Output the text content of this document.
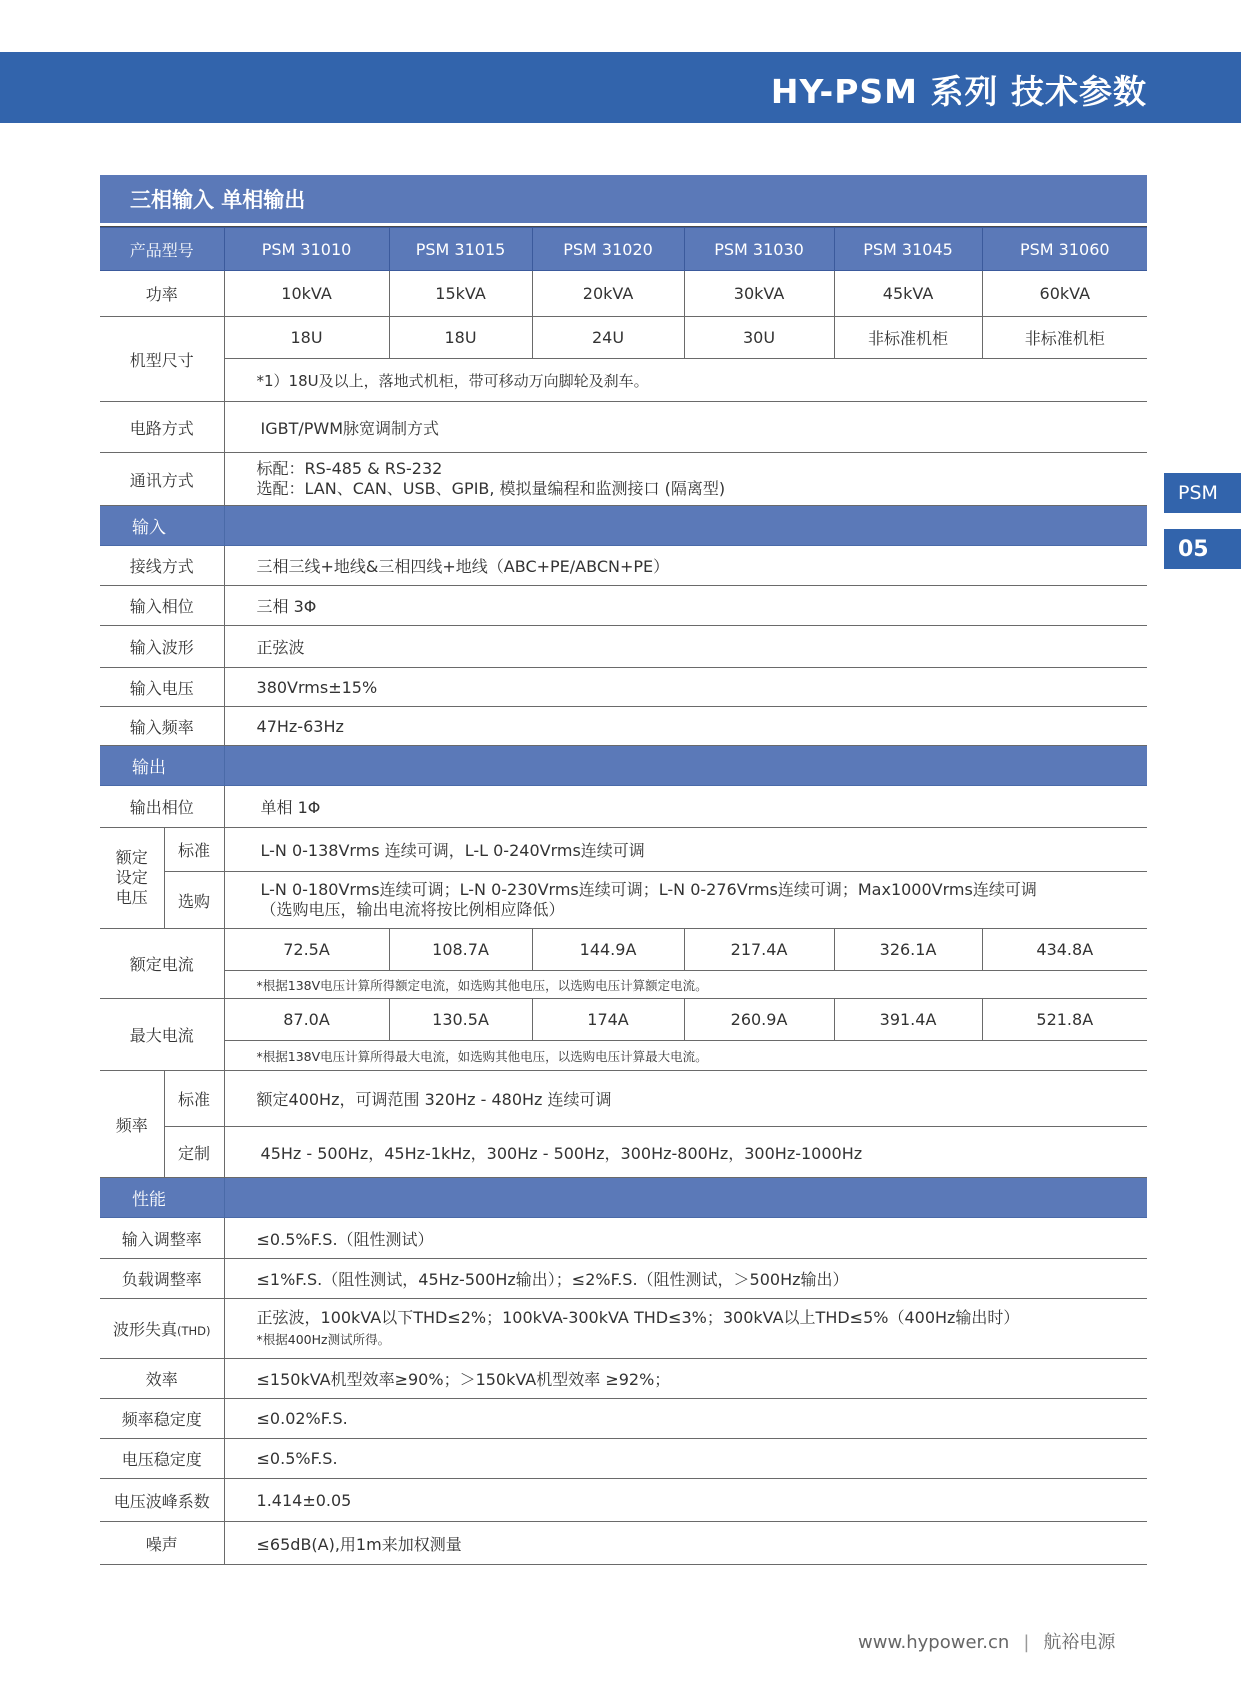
HY-PSM 系列 技术参数
PSM
05
三相输入 单相输出
产品型号		PSM 31010	PSM 31015	PSM 31020	PSM 31030	PSM 31045	PSM 31060
功率		10kVA	15kVA	20kVA	30kVA	45kVA	60kVA
机型尺寸		18U	18U	24U	30U	非标准机柜	非标准机柜
		*1）18U及以上，落地式机柜，带可移动万向脚轮及刹车。					
电路方式		IGBT/PWM脉宽调制方式					
通讯方式		标配：RS-485 & RS-232
选配：LAN、CAN、USB、GPIB, 模拟量编程和监测接口 (隔离型)					

输入							
接线方式		三相三线+地线&三相四线+地线（ABC+PE/ABCN+PE）					
输入相位		三相 3Φ					
输入波形		正弦波					
输入电压		380Vrms±15%					
输入频率		47Hz-63Hz					
输出							
输出相位		单相 1Φ					
额定设定电压	标准	L-N 0-138Vrms 连续可调，L-L 0-240Vrms连续可调					
	选购	L-N 0-180Vrms连续可调；L-N 0-230Vrms连续可调；L-N 0-276Vrms连续可调；Max1000Vrms连续可调
（选购电压，输出电流将按比例相应降低）					

额定电流		72.5A	108.7A	144.9A	217.4A	326.1A	434.8A
		*根据138V电压计算所得额定电流，如选购其他电压，以选购电压计算额定电流。					
最大电流		87.0A	130.5A	174A	260.9A	391.4A	521.8A
		*根据138V电压计算所得最大电流，如选购其他电压，以选购电压计算最大电流。					
频率	标准	额定400Hz，可调范围 320Hz - 480Hz 连续可调					
	定制	45Hz - 500Hz，45Hz-1kHz，300Hz - 500Hz，300Hz-800Hz，300Hz-1000Hz					
性能							
输入调整率		≤0.5%F.S.（阻性测试）					
负载调整率		≤1%F.S.（阻性测试，45Hz-500Hz输出）；≤2%F.S.（阻性测试，＞500Hz输出）					
波形失真(THD)		正弦波，100kVA以下THD≤2%；100kVA-300kVA THD≤3%；300kVA以上THD≤5%（400Hz输出时）
*根据400Hz测试所得。					

效率		≤150kVA机型效率≥90%；＞150kVA机型效率 ≥92%；					
频率稳定度		≤0.02%F.S.					
电压稳定度		≤0.5%F.S.					
电压波峰系数		1.414±0.05					
噪声		≤65dB(A),用1m来加权测量					
www.hypower.cn | 航裕电源
